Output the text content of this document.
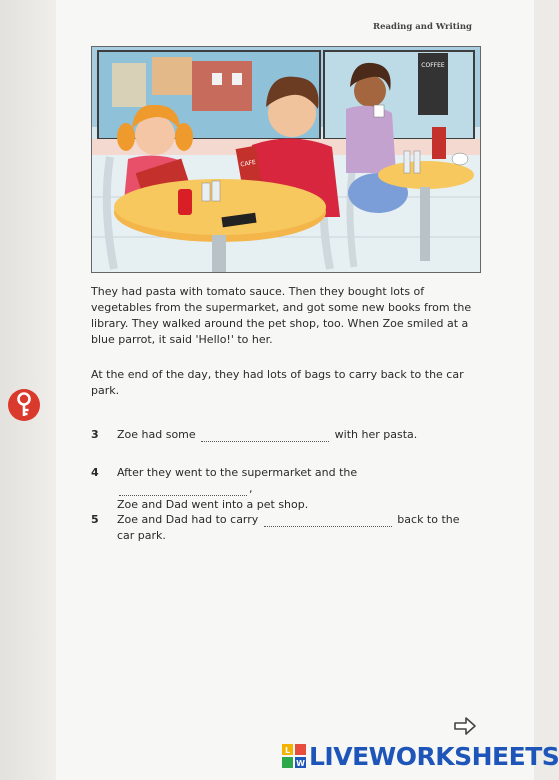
Reading and Writing
COFFEE
CAFE
They had pasta with tomato sauce. Then they bought lots of vegetables from the supermarket, and got some new books from the library. They walked around the pet shop, too. When Zoe smiled at a blue parrot, it said 'Hello!' to her.
At the end of the day, they had lots of bags to carry back to the car park.
3 Zoe had some	with her pasta.
4 After they went to the supermarket and the ,
Zoe and Dad went into a pet shop.
5 Zoe and Dad had to carry	back to the
car park.
L
W LIVEWORKSHEETS
